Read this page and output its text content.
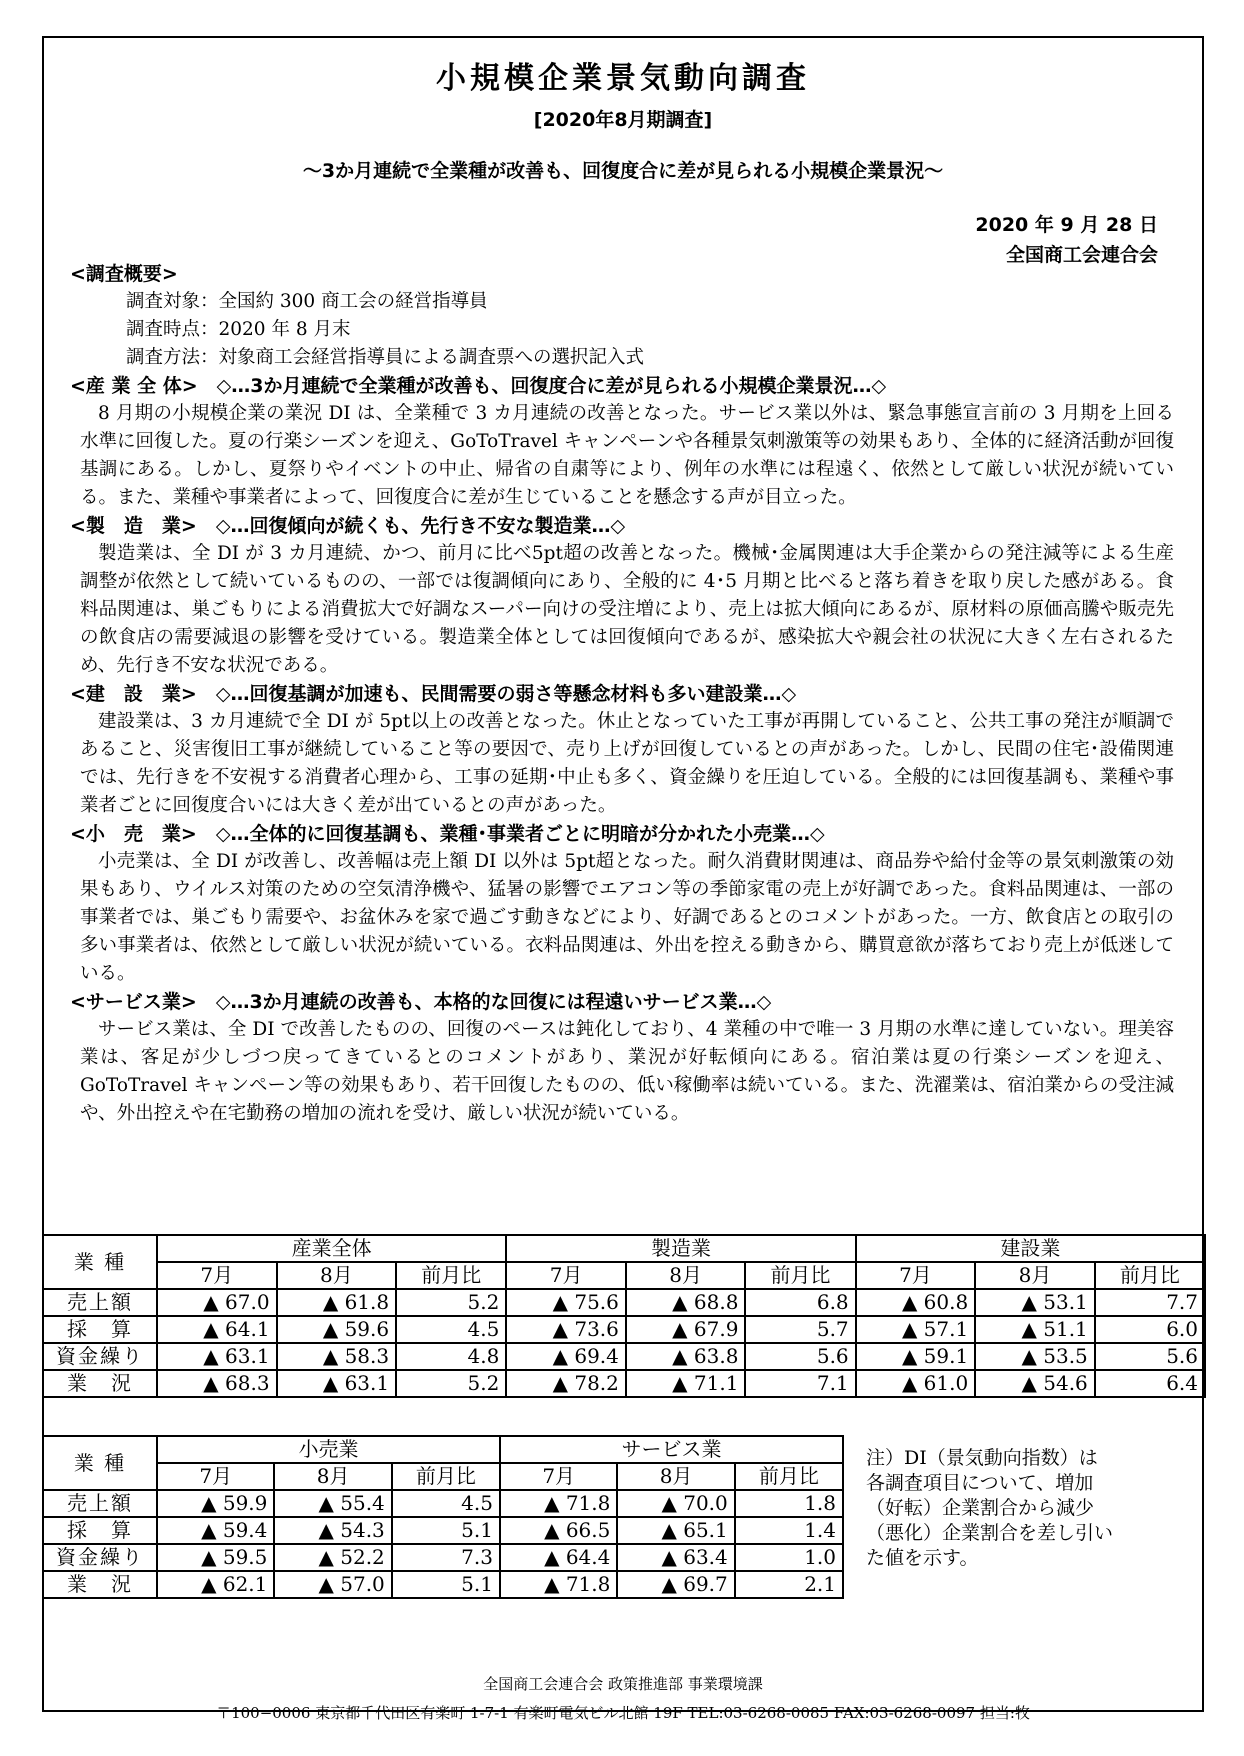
小規模企業景気動向調査
[2020年8月期調査]
〜3か月連続で全業種が改善も、回復度合に差が見られる小規模企業景況〜
2020 年 9 月 28 日
全国商工会連合会
<調査概要>
調査対象：全国約 300 商工会の経営指導員
調査時点：2020 年 8 月末
調査方法：対象商工会経営指導員による調査票への選択記入式
<産 業 全 体>　◇…3か月連続で全業種が改善も、回復度合に差が見られる小規模企業景況…◇
8 月期の小規模企業の業況 DI は、全業種で 3 カ月連続の改善となった。サービス業以外は、緊急事態宣言前の 3 月期を上回る水準に回復した。夏の行楽シーズンを迎え、GoToTravel キャンペーンや各種景気刺激策等の効果もあり、全体的に経済活動が回復基調にある。しかし、夏祭りやイベントの中止、帰省の自粛等により、例年の水準には程遠く、依然として厳しい状況が続いている。また、業種や事業者によって、回復度合に差が生じていることを懸念する声が目立った。
<製　造　業>　◇…回復傾向が続くも、先行き不安な製造業…◇
製造業は、全 DI が 3 カ月連続、かつ、前月に比べ5pt超の改善となった。機械･金属関連は大手企業からの発注減等による生産調整が依然として続いているものの、一部では復調傾向にあり、全般的に 4･5 月期と比べると落ち着きを取り戻した感がある。食料品関連は、巣ごもりによる消費拡大で好調なスーパー向けの受注増により、売上は拡大傾向にあるが、原材料の原価高騰や販売先の飲食店の需要減退の影響を受けている。製造業全体としては回復傾向であるが、感染拡大や親会社の状況に大きく左右されるため、先行き不安な状況である。
<建　設　業>　◇…回復基調が加速も、民間需要の弱さ等懸念材料も多い建設業…◇
建設業は、3 カ月連続で全 DI が 5pt以上の改善となった。休止となっていた工事が再開していること、公共工事の発注が順調であること、災害復旧工事が継続していること等の要因で、売り上げが回復しているとの声があった。しかし、民間の住宅･設備関連では、先行きを不安視する消費者心理から、工事の延期･中止も多く、資金繰りを圧迫している。全般的には回復基調も、業種や事業者ごとに回復度合いには大きく差が出ているとの声があった。
<小　売　業>　◇…全体的に回復基調も、業種･事業者ごとに明暗が分かれた小売業…◇
小売業は、全 DI が改善し、改善幅は売上額 DI 以外は 5pt超となった。耐久消費財関連は、商品券や給付金等の景気刺激策の効果もあり、ウイルス対策のための空気清浄機や、猛暑の影響でエアコン等の季節家電の売上が好調であった。食料品関連は、一部の事業者では、巣ごもり需要や、お盆休みを家で過ごす動きなどにより、好調であるとのコメントがあった。一方、飲食店との取引の多い事業者は、依然として厳しい状況が続いている。衣料品関連は、外出を控える動きから、購買意欲が落ちており売上が低迷している。
<サービス業>　◇…3か月連続の改善も、本格的な回復には程遠いサービス業…◇
サービス業は、全 DI で改善したものの、回復のペースは鈍化しており、4 業種の中で唯一 3 月期の水準に達していない。理美容業は、客足が少しづつ戻ってきているとのコメントがあり、業況が好転傾向にある。宿泊業は夏の行楽シーズンを迎え、GoToTravel キャンペーン等の効果もあり、若干回復したものの、低い稼働率は続いている。また、洗濯業は、宿泊業からの受注減や、外出控えや在宅勤務の増加の流れを受け、厳しい状況が続いている。
業 種	産業全体			製造業			建設業		
	7月	8月	前月比	7月	8月	前月比	7月	8月	前月比
売上額	▲ 67.0	▲ 61.8	5.2	▲ 75.6	▲ 68.8	6.8	▲ 60.8	▲ 53.1	7.7
採　算	▲ 64.1	▲ 59.6	4.5	▲ 73.6	▲ 67.9	5.7	▲ 57.1	▲ 51.1	6.0
資金繰り	▲ 63.1	▲ 58.3	4.8	▲ 69.4	▲ 63.8	5.6	▲ 59.1	▲ 53.5	5.6
業　況	▲ 68.3	▲ 63.1	5.2	▲ 78.2	▲ 71.1	7.1	▲ 61.0	▲ 54.6	6.4
業 種	小売業			サービス業		
	7月	8月	前月比	7月	8月	前月比
売上額	▲ 59.9	▲ 55.4	4.5	▲ 71.8	▲ 70.0	1.8
採　算	▲ 59.4	▲ 54.3	5.1	▲ 66.5	▲ 65.1	1.4
資金繰り	▲ 59.5	▲ 52.2	7.3	▲ 64.4	▲ 63.4	1.0
業　況	▲ 62.1	▲ 57.0	5.1	▲ 71.8	▲ 69.7	2.1
注）DI（景気動向指数）は
各調査項目について、増加
（好転）企業割合から減少
（悪化）企業割合を差し引い
た値を示す。
全国商工会連合会 政策推進部 事業環境課
〒100−0006 東京都千代田区有楽町 1-7-1 有楽町電気ビル北館 19F TEL:03-6268-0085 FAX:03-6268-0097 担当:牧
